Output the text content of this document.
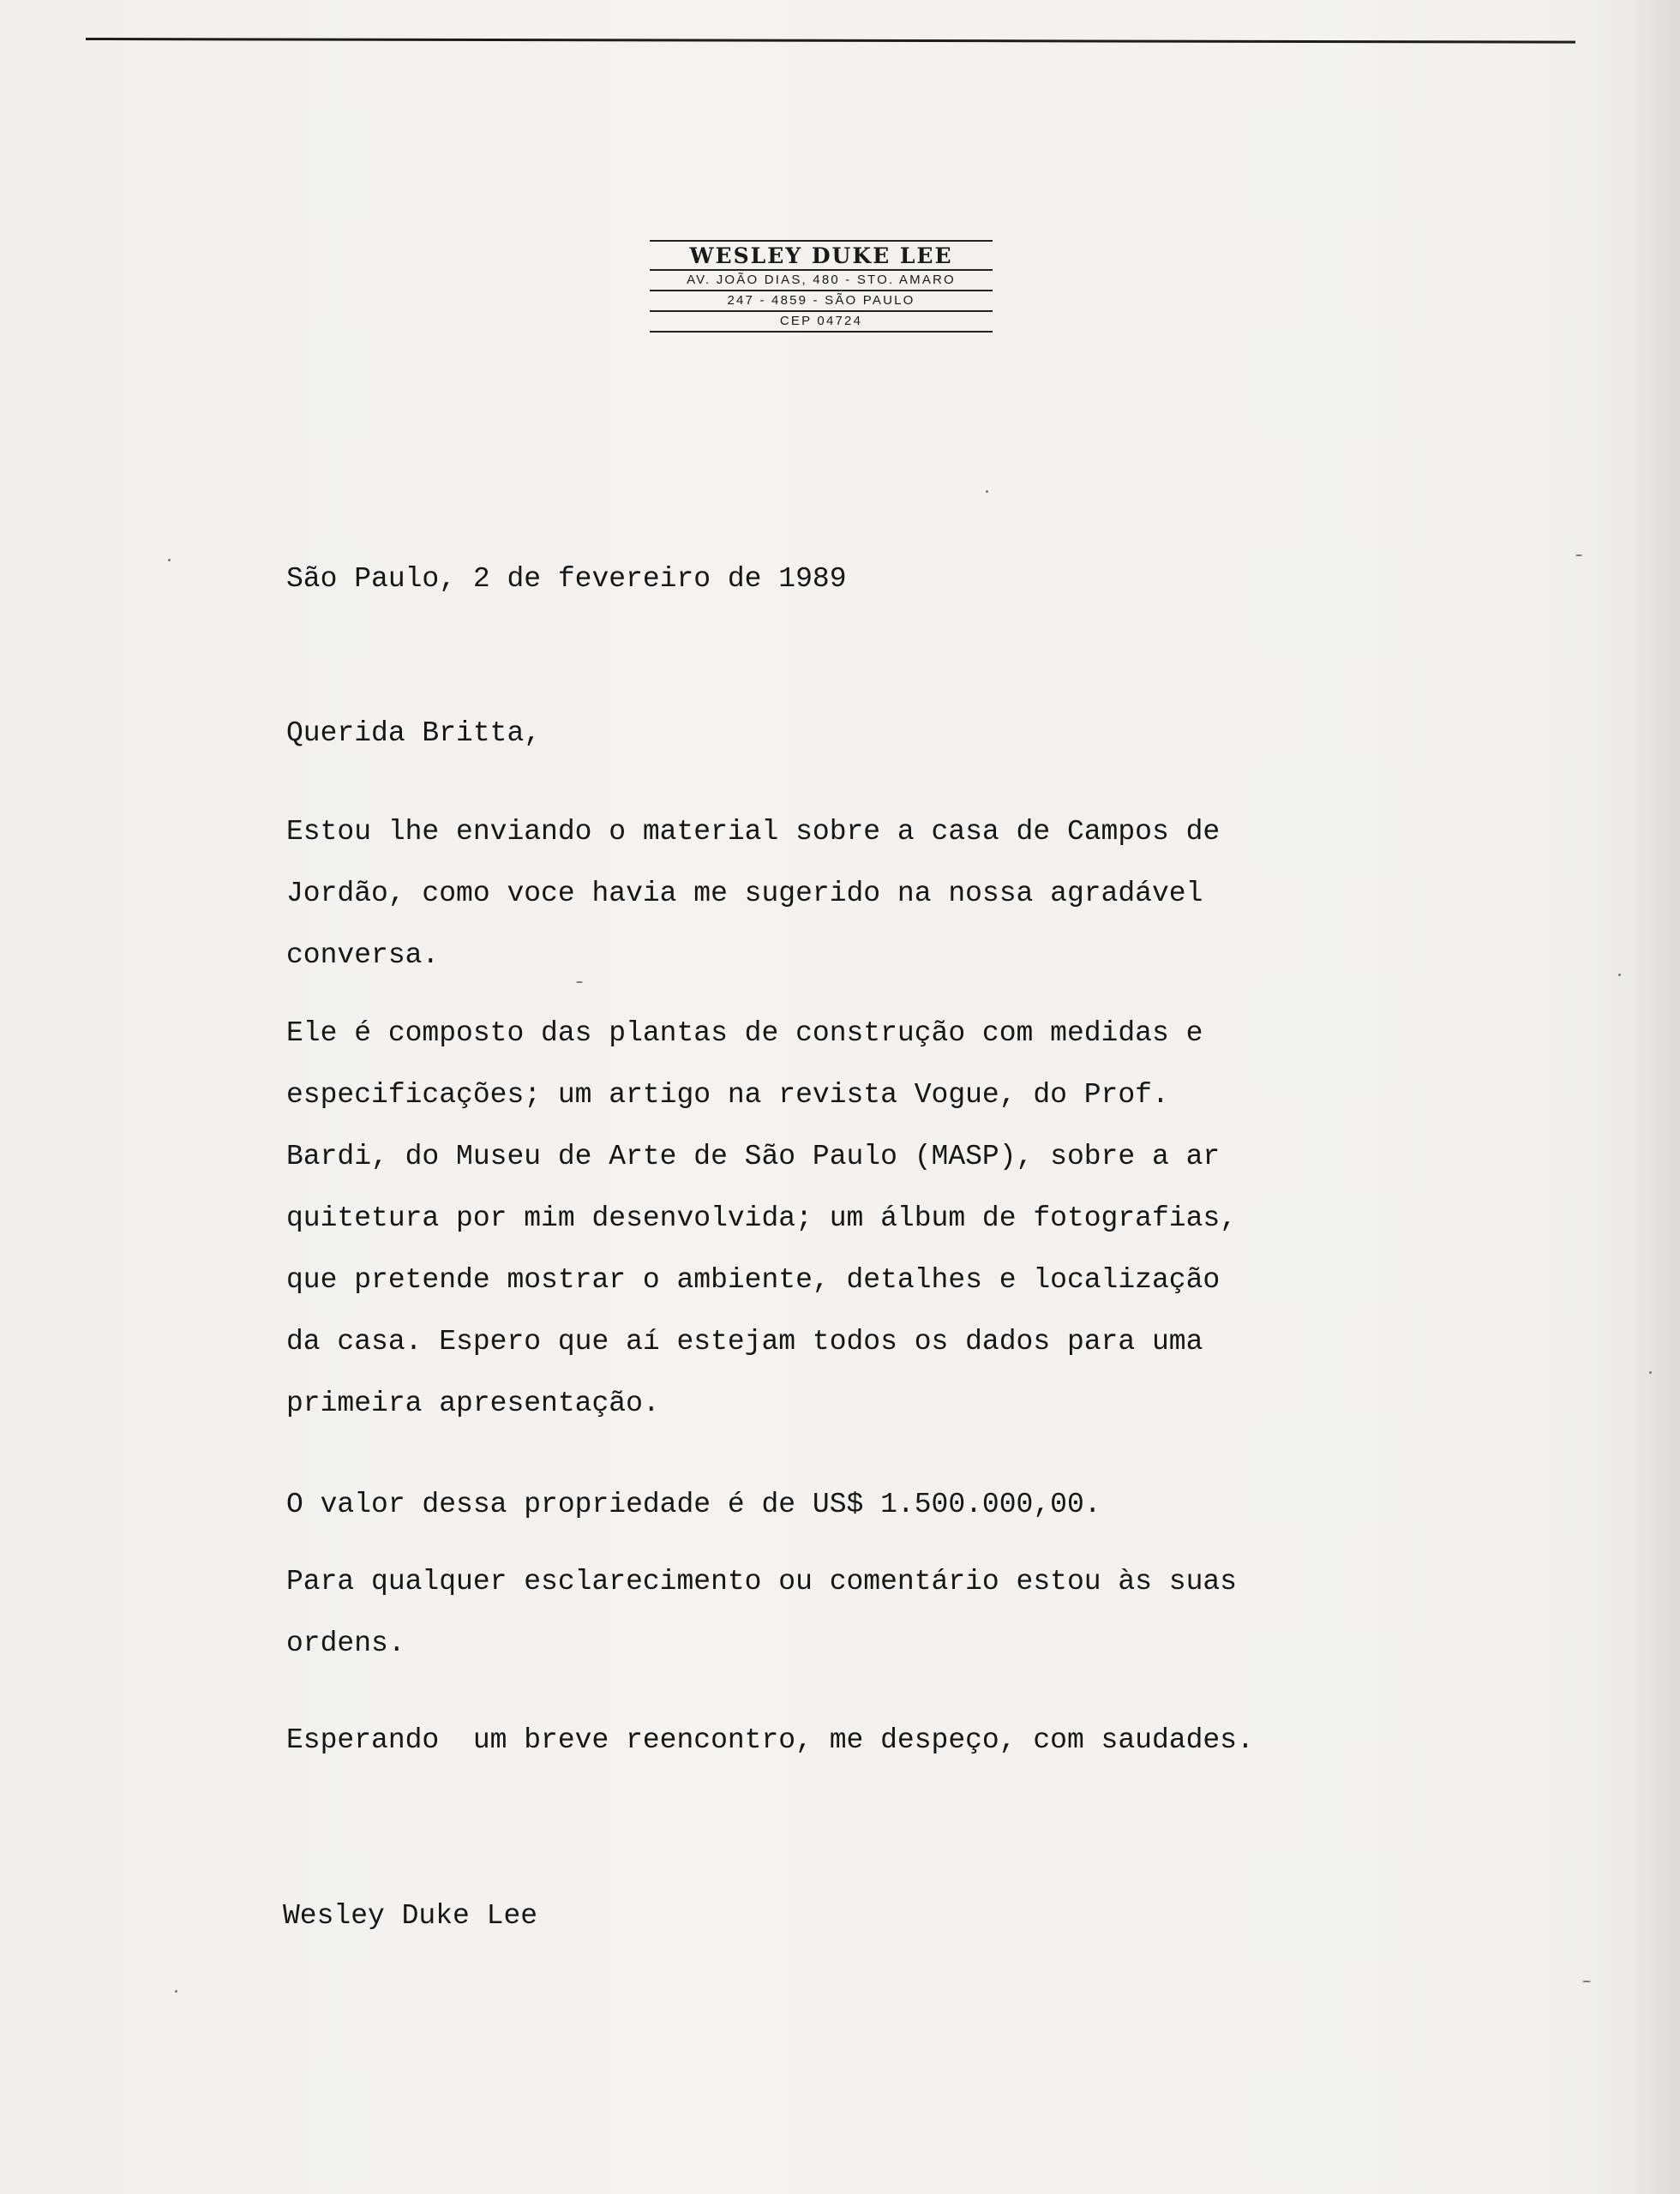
WESLEY DUKE LEE
AV. JOÃO DIAS, 480 - STO. AMARO
247 - 4859 - SÃO PAULO
CEP 04724

São Paulo, 2 de fevereiro de 1989

Querida Britta,

Estou lhe enviando o material sobre a casa de Campos de
Jordão, como voce havia me sugerido na nossa agradável
conversa.

Ele é composto das plantas de construção com medidas e
especificações; um artigo na revista Vogue, do Prof.
Bardi, do Museu de Arte de São Paulo (MASP), sobre a ar
quitetura por mim desenvolvida; um álbum de fotografias,
que pretende mostrar o ambiente, detalhes e localização
da casa. Espero que aí estejam todos os dados para uma
primeira apresentação.

O valor dessa propriedade é de US$ 1.500.000,00.

Para qualquer esclarecimento ou comentário estou às suas
ordens.

Esperando  um breve reencontro, me despeço, com saudades.

Wesley Duke Lee
